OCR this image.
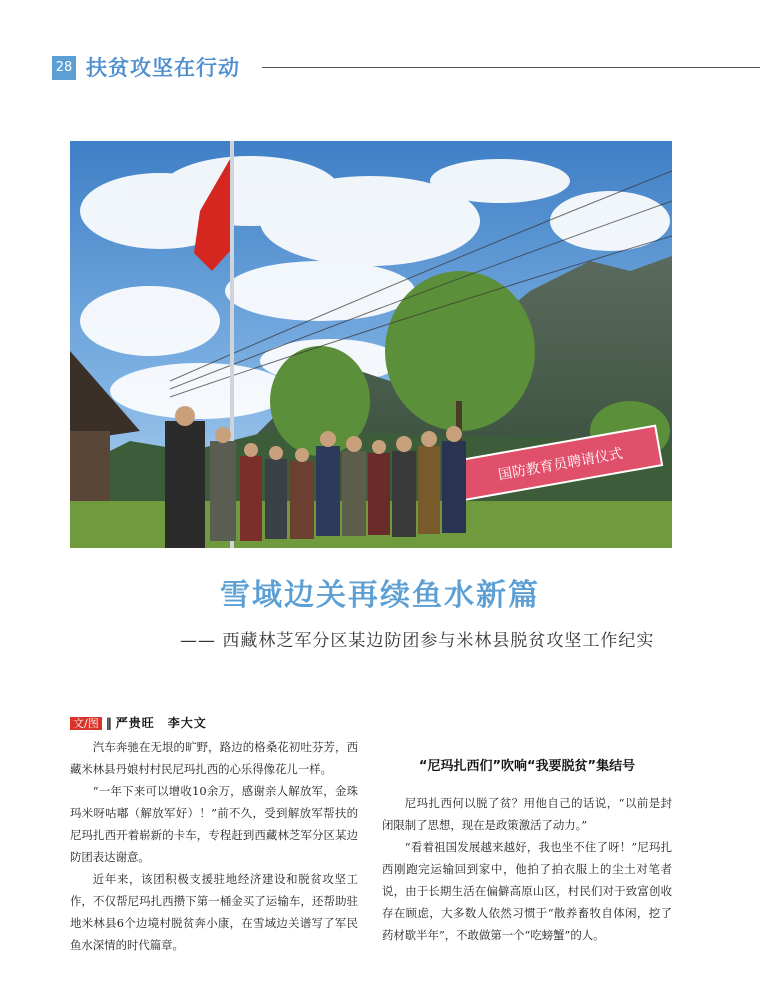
28 扶贫攻坚在行动
国防教育员聘请仪式
雪域边关再续鱼水新篇
—— 西藏林芝军分区某边防团参与米林县脱贫攻坚工作纪实
文/图 ‖ 严贵旺　李大文

汽车奔驰在无垠的旷野，路边的格桑花初吐芬芳，西藏米林县丹娘村村民尼玛扎西的心乐得像花儿一样。

“一年下来可以增收10余万，感谢亲人解放军，金珠玛米呀咕嘟（解放军好）！”前不久，受到解放军帮扶的尼玛扎西开着崭新的卡车，专程赶到西藏林芝军分区某边防团表达谢意。

近年来，该团积极支援驻地经济建设和脱贫攻坚工作，不仅帮尼玛扎西攒下第一桶金买了运输车，还帮助驻地米林县6个边境村脱贫奔小康，在雪域边关谱写了军民鱼水深情的时代篇章。

“尼玛扎西们”吹响“我要脱贫”集结号

尼玛扎西何以脱了贫？用他自己的话说，“以前是封闭限制了思想，现在是政策激活了动力。”

“看着祖国发展越来越好，我也坐不住了呀！”尼玛扎西刚跑完运输回到家中，他拍了拍衣服上的尘土对笔者说，由于长期生活在偏僻高原山区，村民们对于致富创收存在顾虑，大多数人依然习惯于“散养畜牧自体闲，挖了药材歇半年”，不敢做第一个“吃螃蟹”的人。
